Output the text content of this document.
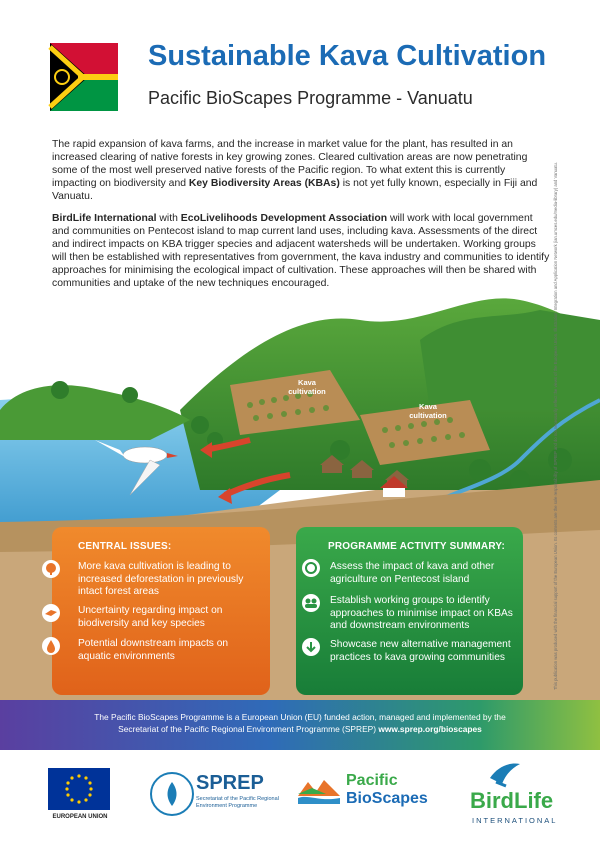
Sustainable Kava Cultivation
Pacific BioScapes Programme - Vanuatu

The rapid expansion of kava farms, and the increase in market value for the plant, has resulted in an increased clearing of native forests in key growing zones. Cleared cultivation areas are now penetrating some of the most well preserved native forests of the Pacific region. To what extent this is currently impacting on biodiversity and Key Biodiversity Areas (KBAs) is not yet fully known, especially in Fiji and Vanuatu.

BirdLife International with EcoLivelihoods Development Association will work with local government and communities on Pentecost island to map current land uses, including kava. Assessments of the direct and indirect impacts on KBA trigger species and adjacent watersheds will be undertaken. Working groups will then be established with representatives from government, the kava industry and communities to identify approaches for minimising the ecological impact of cultivation. These approaches will then be shared with communities and uptake of the new techniques encouraged.

Kava
cultivation
Kava
cultivation
CENTRAL ISSUES:
More kava cultivation is leading to increased deforestation in previously intact forest areas
Uncertainty regarding impact on biodiversity and key species
Potential downstream impacts on aquatic environments
PROGRAMME ACTIVITY SUMMARY:
Assess the impact of kava and other agriculture on Pentecost island
Establish working groups to identify approaches to minimise impact on KBAs and downstream environments
Showcase new alternative management practices to kava growing communities	This publication was produced with the financial support of the European Union. Its contents are the sole responsibility of SPREP and do not necessarily reflect the views of the European Union. Illustration: Integration and Application Network (ian.umces.edu/media-library) and Vanuatu.
The Pacific BioScapes Programme is a European Union (EU) funded action, managed and implemented by the
Secretariat of the Pacific Regional Environment Programme (SPREP) www.sprep.org/bioscapes
EUROPEAN UNION
SPREP
Secretariat of the Pacific Regional
Environment Programme
Pacific
BioScapes BirdLife
INTERNATIONAL
